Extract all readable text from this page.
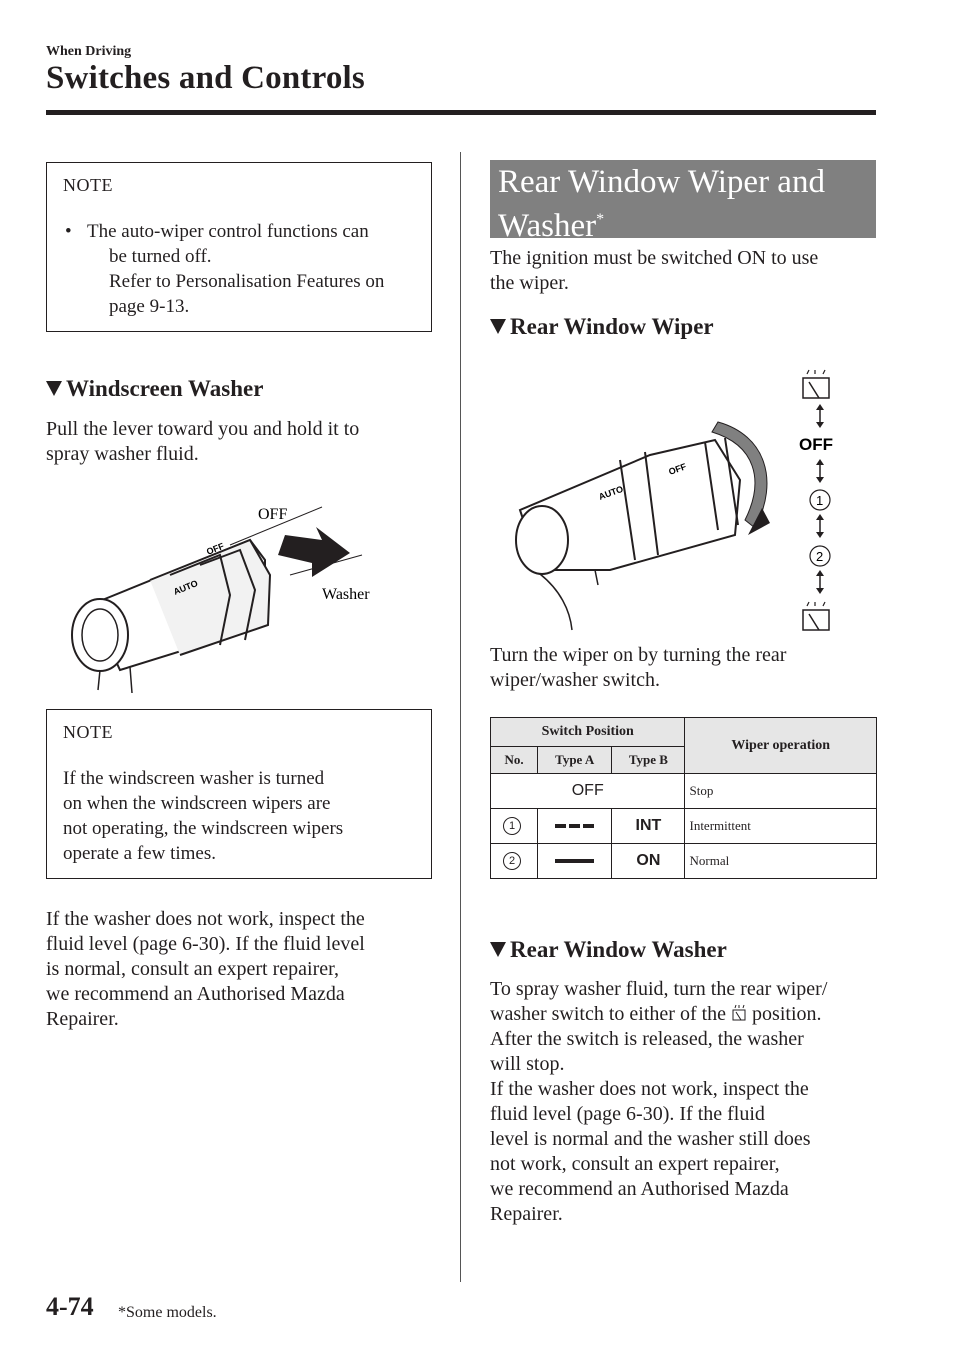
When Driving
Switches and Controls
NOTE
• The auto-wiper control functions can
be turned off.
Refer to Personalisation Features on
page 9-13.
Windscreen Washer
Pull the lever toward you and hold it to
spray washer fluid.
AUTO
OFF
OFF
Washer
NOTE
If the windscreen washer is turned
on when the windscreen wipers are
not operating, the windscreen wipers
operate a few times.
If the washer does not work, inspect the
fluid level (page 6-30). If the fluid level
is normal, consult an expert repairer,
we recommend an Authorised Mazda
Repairer.
Rear Window Wiper and
Washer*
The ignition must be switched ON to use
the wiper.
Rear Window Wiper
AUTO
OFF
OFF
1
2
Turn the wiper on by turning the rear
wiper/washer switch.
Switch Position			Wiper operation
No.	Type A	Type B	
OFF			Stop
1		INT	Intermittent
2		ON	Normal
Rear Window Washer
To spray washer fluid, turn the rear wiper/
washer switch to either of the position.
After the switch is released, the washer
will stop.
If the washer does not work, inspect the
fluid level (page 6-30). If the fluid
level is normal and the washer still does
not work, consult an expert repairer,
we recommend an Authorised Mazda
Repairer.
4-74 *Some models.
